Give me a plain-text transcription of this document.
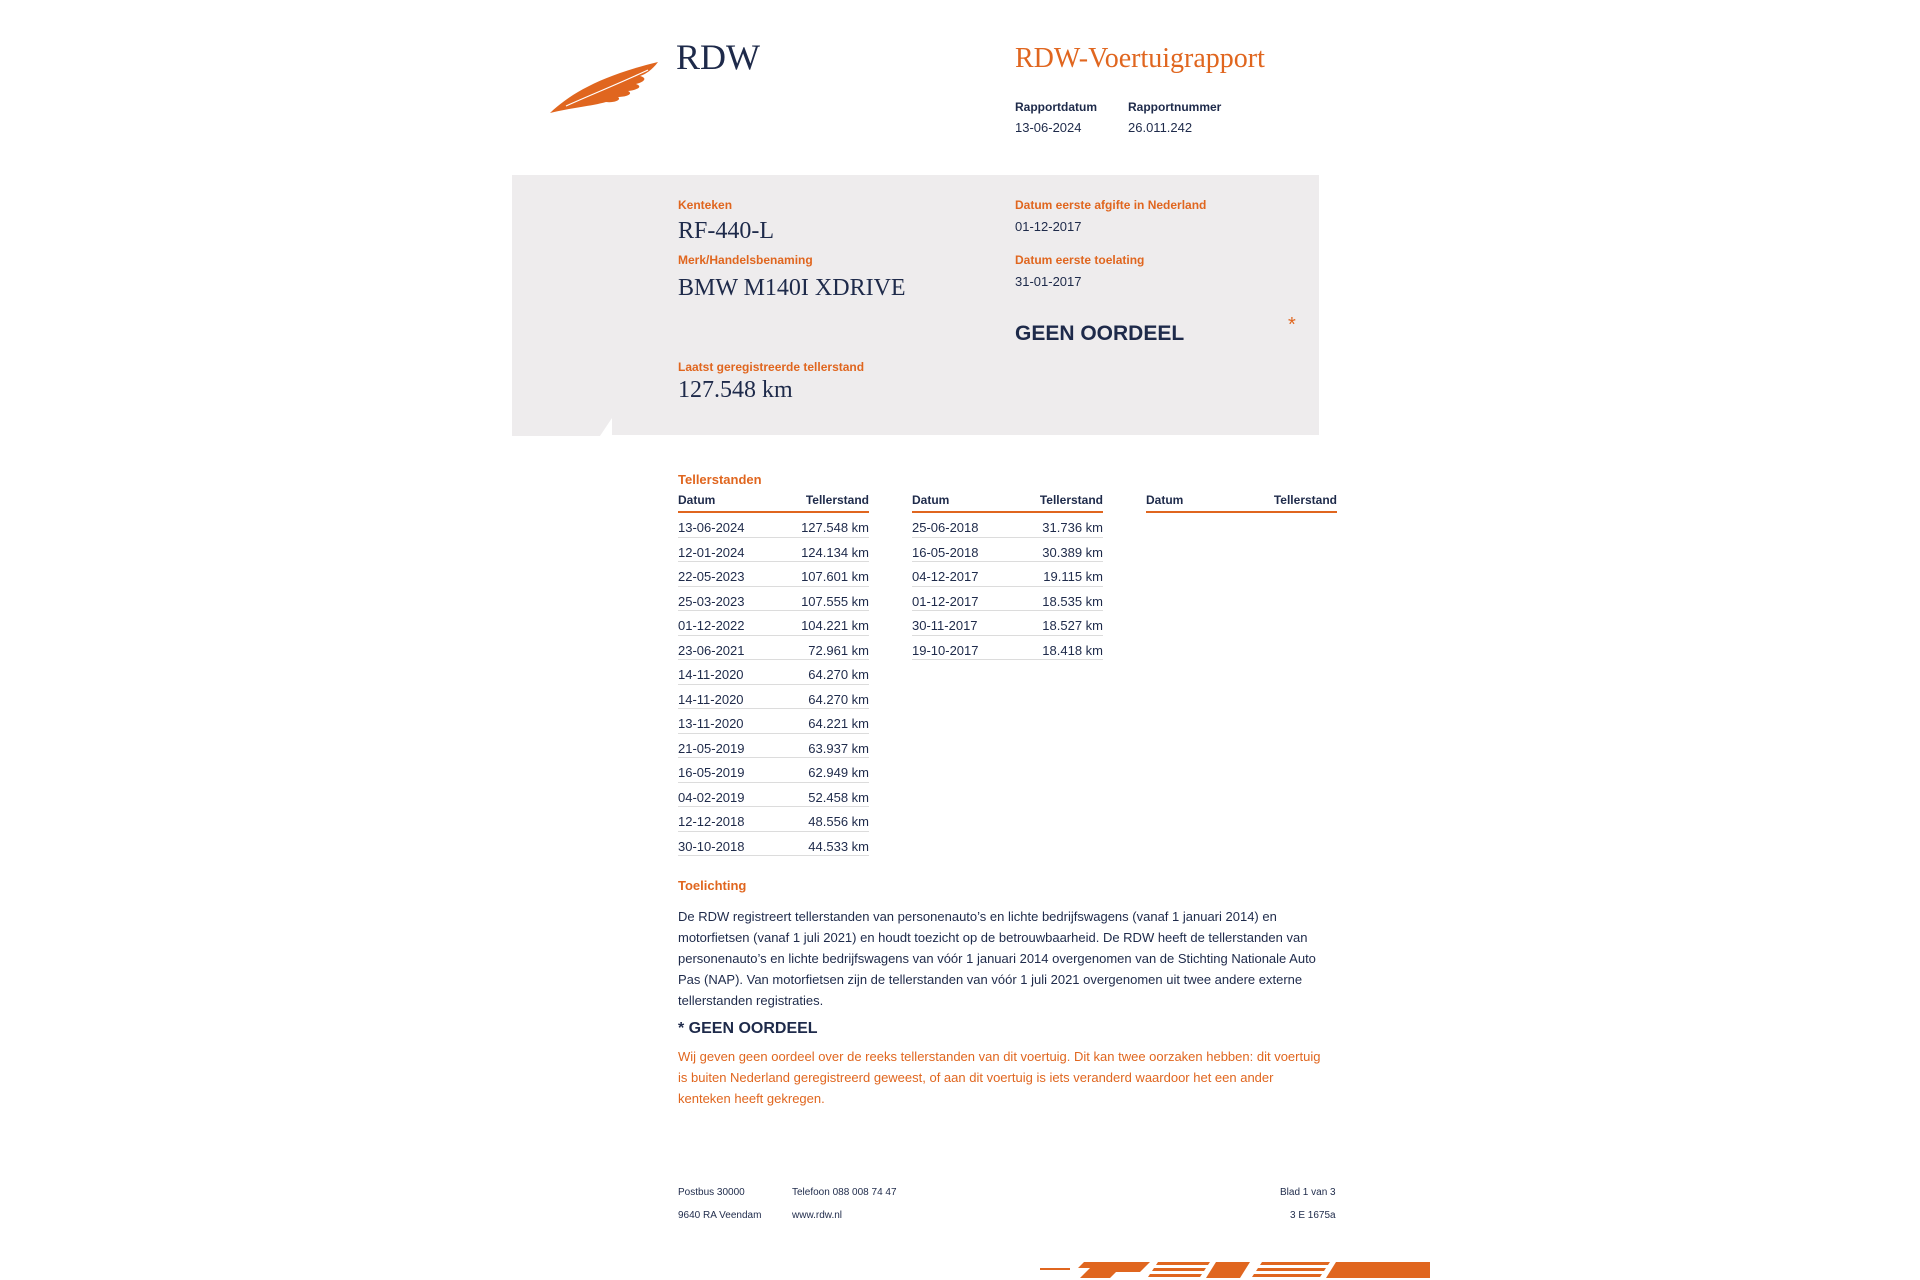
RDW	RDW-Voertuigrapport
Rapportdatum
13-06-2024
Rapportnummer
26.011.242
Kenteken
RF-440-L
Merk/Handelsbenaming
BMW M140I XDRIVE
Laatst geregistreerde tellerstand
127.548 km
Datum eerste afgifte in Nederland
01-12-2017
Datum eerste toelating
31-01-2017
GEEN OORDEEL	*
Tellerstanden
Datum	Tellerstand
13-06-2024	127.548 km
12-01-2024	124.134 km
22-05-2023	107.601 km
25-03-2023	107.555 km
01-12-2022	104.221 km
23-06-2021	72.961 km
14-11-2020	64.270 km
14-11-2020	64.270 km
13-11-2020	64.221 km
21-05-2019	63.937 km
16-05-2019	62.949 km
04-02-2019	52.458 km
12-12-2018	48.556 km
30-10-2018	44.533 km
Datum	Tellerstand
25-06-2018	31.736 km
16-05-2018	30.389 km
04-12-2017	19.115 km
01-12-2017	18.535 km
30-11-2017	18.527 km
19-10-2017	18.418 km
Datum	Tellerstand
Toelichting
De RDW registreert tellerstanden van personenauto’s en lichte bedrijfswagens (vanaf 1 januari 2014) en motorfietsen (vanaf 1 juli 2021) en houdt toezicht op de betrouwbaarheid. De RDW heeft de tellerstanden van personenauto’s en lichte bedrijfswagens van vóór 1 januari 2014 overgenomen van de Stichting Nationale Auto Pas (NAP). Van motorfietsen zijn de tellerstanden van vóór 1 juli 2021 overgenomen uit twee andere externe tellerstanden registraties.
* GEEN OORDEEL
Wij geven geen oordeel over de reeks tellerstanden van dit voertuig. Dit kan twee oorzaken hebben: dit voertuig is buiten Nederland geregistreerd geweest, of aan dit voertuig is iets veranderd waardoor het een ander kenteken heeft gekregen.
Postbus 30000
9640 RA Veendam
Telefoon 088 008 74 47
www.rdw.nl
Blad 1 van 3
3 E 1675a
